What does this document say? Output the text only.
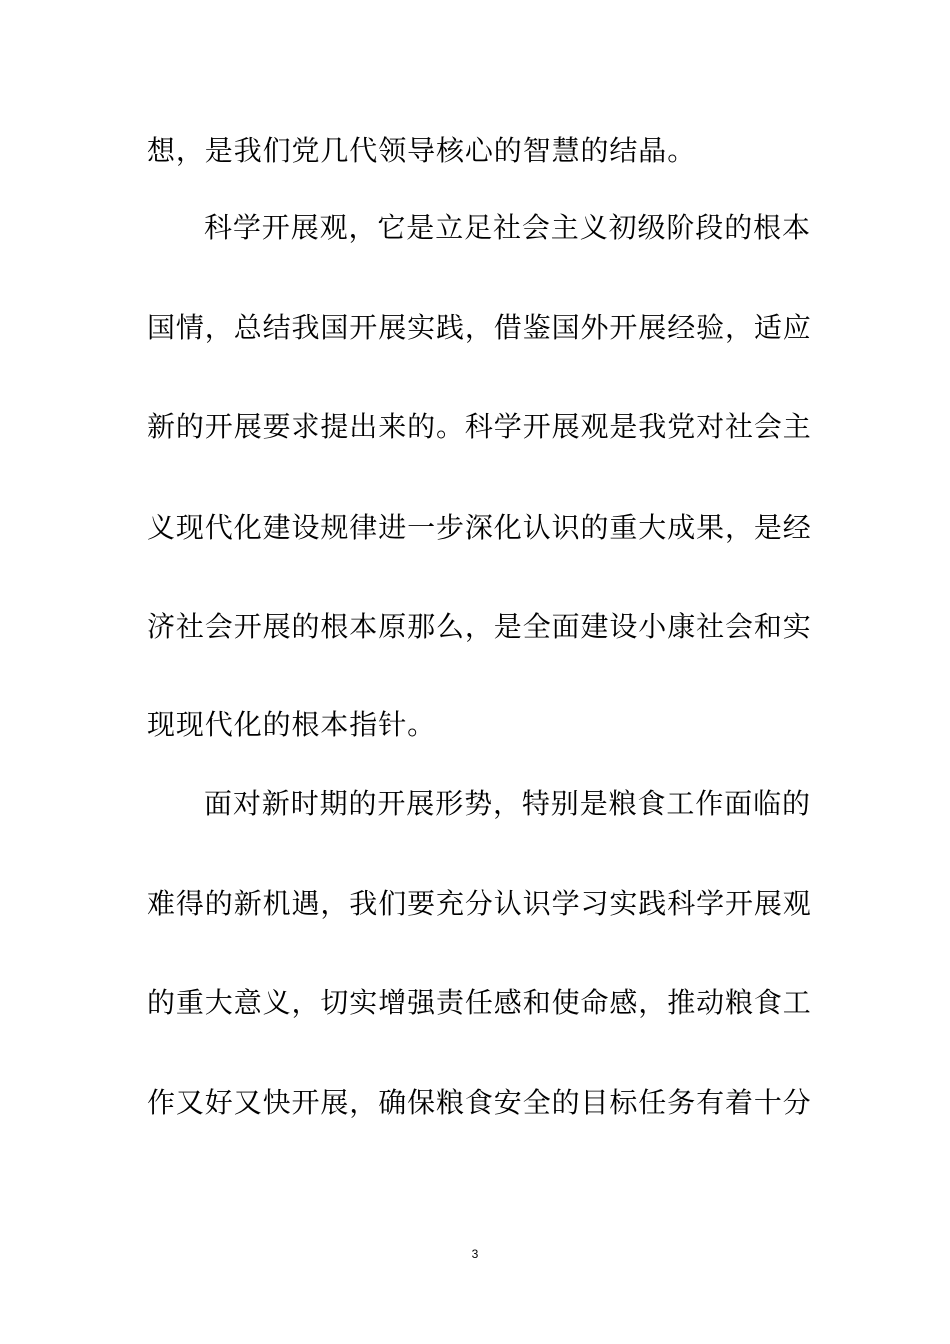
想，是我们党几代领导核心的智慧的结晶。
科学开展观，它是立足社会主义初级阶段的根本
国情，总结我国开展实践，借鉴国外开展经验，适应
新的开展要求提出来的。科学开展观是我党对社会主
义现代化建设规律进一步深化认识的重大成果，是经
济社会开展的根本原那么，是全面建设小康社会和实
现现代化的根本指针。
面对新时期的开展形势，特别是粮食工作面临的
难得的新机遇，我们要充分认识学习实践科学开展观
的重大意义，切实增强责任感和使命感，推动粮食工
作又好又快开展，确保粮食安全的目标任务有着十分
3
